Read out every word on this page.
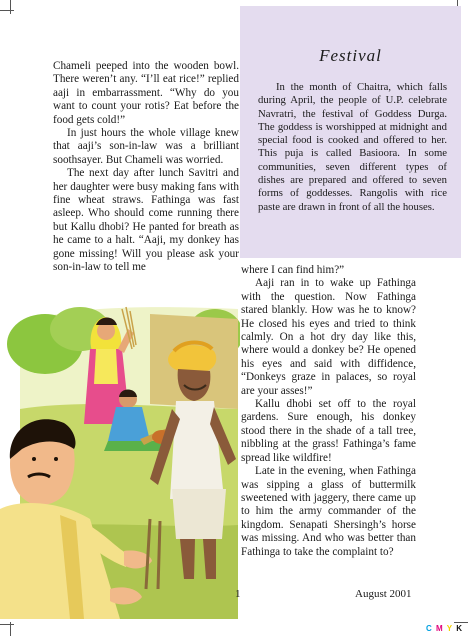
Chameli peeped into the wooden bowl. There weren’t any. “I’ll eat rice!” replied aaji in embarrassment. “Why do you want to count your rotis? Eat before the food gets cold!”

In just hours the whole village knew that aaji’s son-in-law was a brilliant soothsayer. But Chameli was worried.

The next day after lunch Savitri and her daughter were busy making fans with fine wheat straws. Fathinga was fast asleep. Who should come running there but Kallu dhobi? He panted for breath as he came to a halt. “Aaji, my donkey has gone missing! Will you please ask your son-in-law to tell me

Festival

In the month of Chaitra, which falls during April, the people of U.P. celebrate Navratri, the festival of Goddess Durga. The goddess is worshipped at midnight and special food is cooked and offered to her. This puja is called Basioora. In some communities, seven different types of dishes are prepared and offered to seven forms of goddesses. Rangolis with rice paste are drawn in front of all the houses.

where I can find him?”

Aaji ran in to wake up Fathinga with the question. Now Fathinga stared blankly. How was he to know? He closed his eyes and tried to think calmly. On a hot dry day like this, where would a donkey be? He opened his eyes and said with diffidence, “Donkeys graze in palaces, so royal are your asses!”

Kallu dhobi set off to the royal gardens. Sure enough, his donkey stood there in the shade of a tall tree, nibbling at the grass! Fathinga’s fame spread like wildfire!

Late in the evening, when Fathinga was sipping a glass of buttermilk sweetened with jaggery, there came up to him the army commander of the kingdom. Senapati Shersingh’s horse was missing. And who was better than Fathinga to take the complaint to?

1	August 2001
C M Y K
